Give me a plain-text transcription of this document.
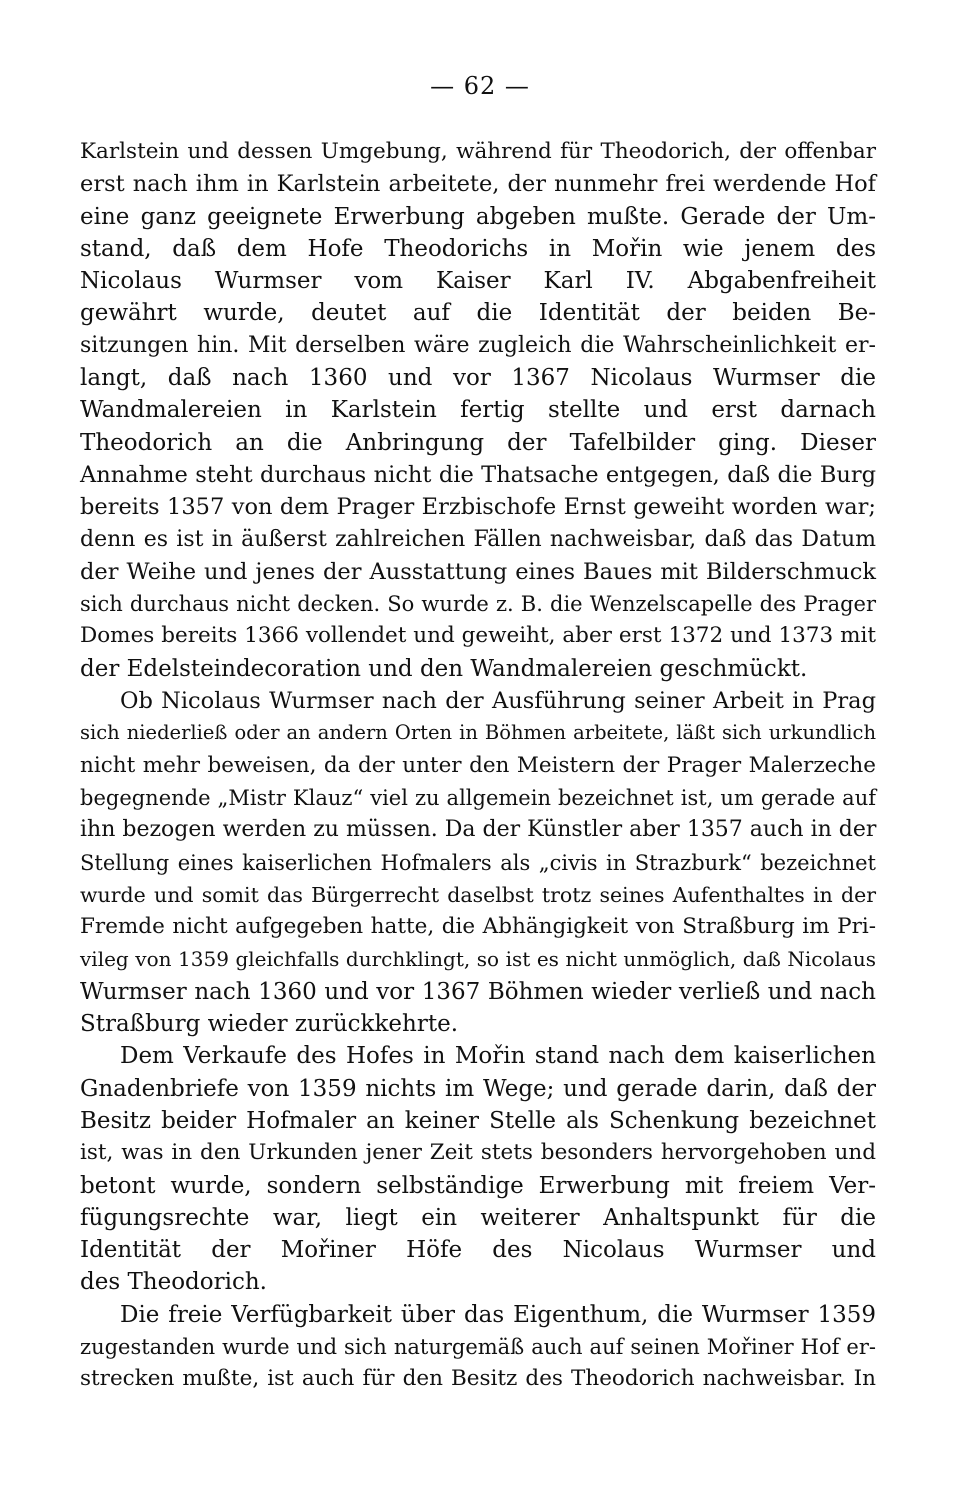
— 62 —
Karlstein und dessen Umgebung, während für Theodorich, der offenbar
erst nach ihm in Karlstein arbeitete, der nunmehr frei werdende Hof
eine ganz geeignete Erwerbung abgeben mußte. Gerade der Um-
stand, daß dem Hofe Theodorichs in Mořin wie jenem des
Nicolaus Wurmser vom Kaiser Karl IV. Abgabenfreiheit
gewährt wurde, deutet auf die Identität der beiden Be-
sitzungen hin. Mit derselben wäre zugleich die Wahrscheinlichkeit er-
langt, daß nach 1360 und vor 1367 Nicolaus Wurmser die
Wandmalereien in Karlstein fertig stellte und erst darnach
Theodorich an die Anbringung der Tafelbilder ging. Dieser
Annahme steht durchaus nicht die Thatsache entgegen, daß die Burg
bereits 1357 von dem Prager Erzbischofe Ernst geweiht worden war;
denn es ist in äußerst zahlreichen Fällen nachweisbar, daß das Datum
der Weihe und jenes der Ausstattung eines Baues mit Bilderschmuck
sich durchaus nicht decken. So wurde z. B. die Wenzelscapelle des Prager
Domes bereits 1366 vollendet und geweiht, aber erst 1372 und 1373 mit
der Edelsteindecoration und den Wandmalereien geschmückt.
Ob Nicolaus Wurmser nach der Ausführung seiner Arbeit in Prag
sich niederließ oder an andern Orten in Böhmen arbeitete, läßt sich urkundlich
nicht mehr beweisen, da der unter den Meistern der Prager Malerzeche
begegnende „Mistr Klauz“ viel zu allgemein bezeichnet ist, um gerade auf
ihn bezogen werden zu müssen. Da der Künstler aber 1357 auch in der
Stellung eines kaiserlichen Hofmalers als „civis in Strazburk“ bezeichnet
wurde und somit das Bürgerrecht daselbst trotz seines Aufenthaltes in der
Fremde nicht aufgegeben hatte, die Abhängigkeit von Straßburg im Pri-
vileg von 1359 gleichfalls durchklingt, so ist es nicht unmöglich, daß Nicolaus
Wurmser nach 1360 und vor 1367 Böhmen wieder verließ und nach
Straßburg wieder zurückkehrte.
Dem Verkaufe des Hofes in Mořin stand nach dem kaiserlichen
Gnadenbriefe von 1359 nichts im Wege; und gerade darin, daß der
Besitz beider Hofmaler an keiner Stelle als Schenkung bezeichnet
ist, was in den Urkunden jener Zeit stets besonders hervorgehoben und
betont wurde, sondern selbständige Erwerbung mit freiem Ver-
fügungsrechte war, liegt ein weiterer Anhaltspunkt für die
Identität der Mořiner Höfe des Nicolaus Wurmser und
des Theodorich.
Die freie Verfügbarkeit über das Eigenthum, die Wurmser 1359
zugestanden wurde und sich naturgemäß auch auf seinen Mořiner Hof er-
strecken mußte, ist auch für den Besitz des Theodorich nachweisbar. In
